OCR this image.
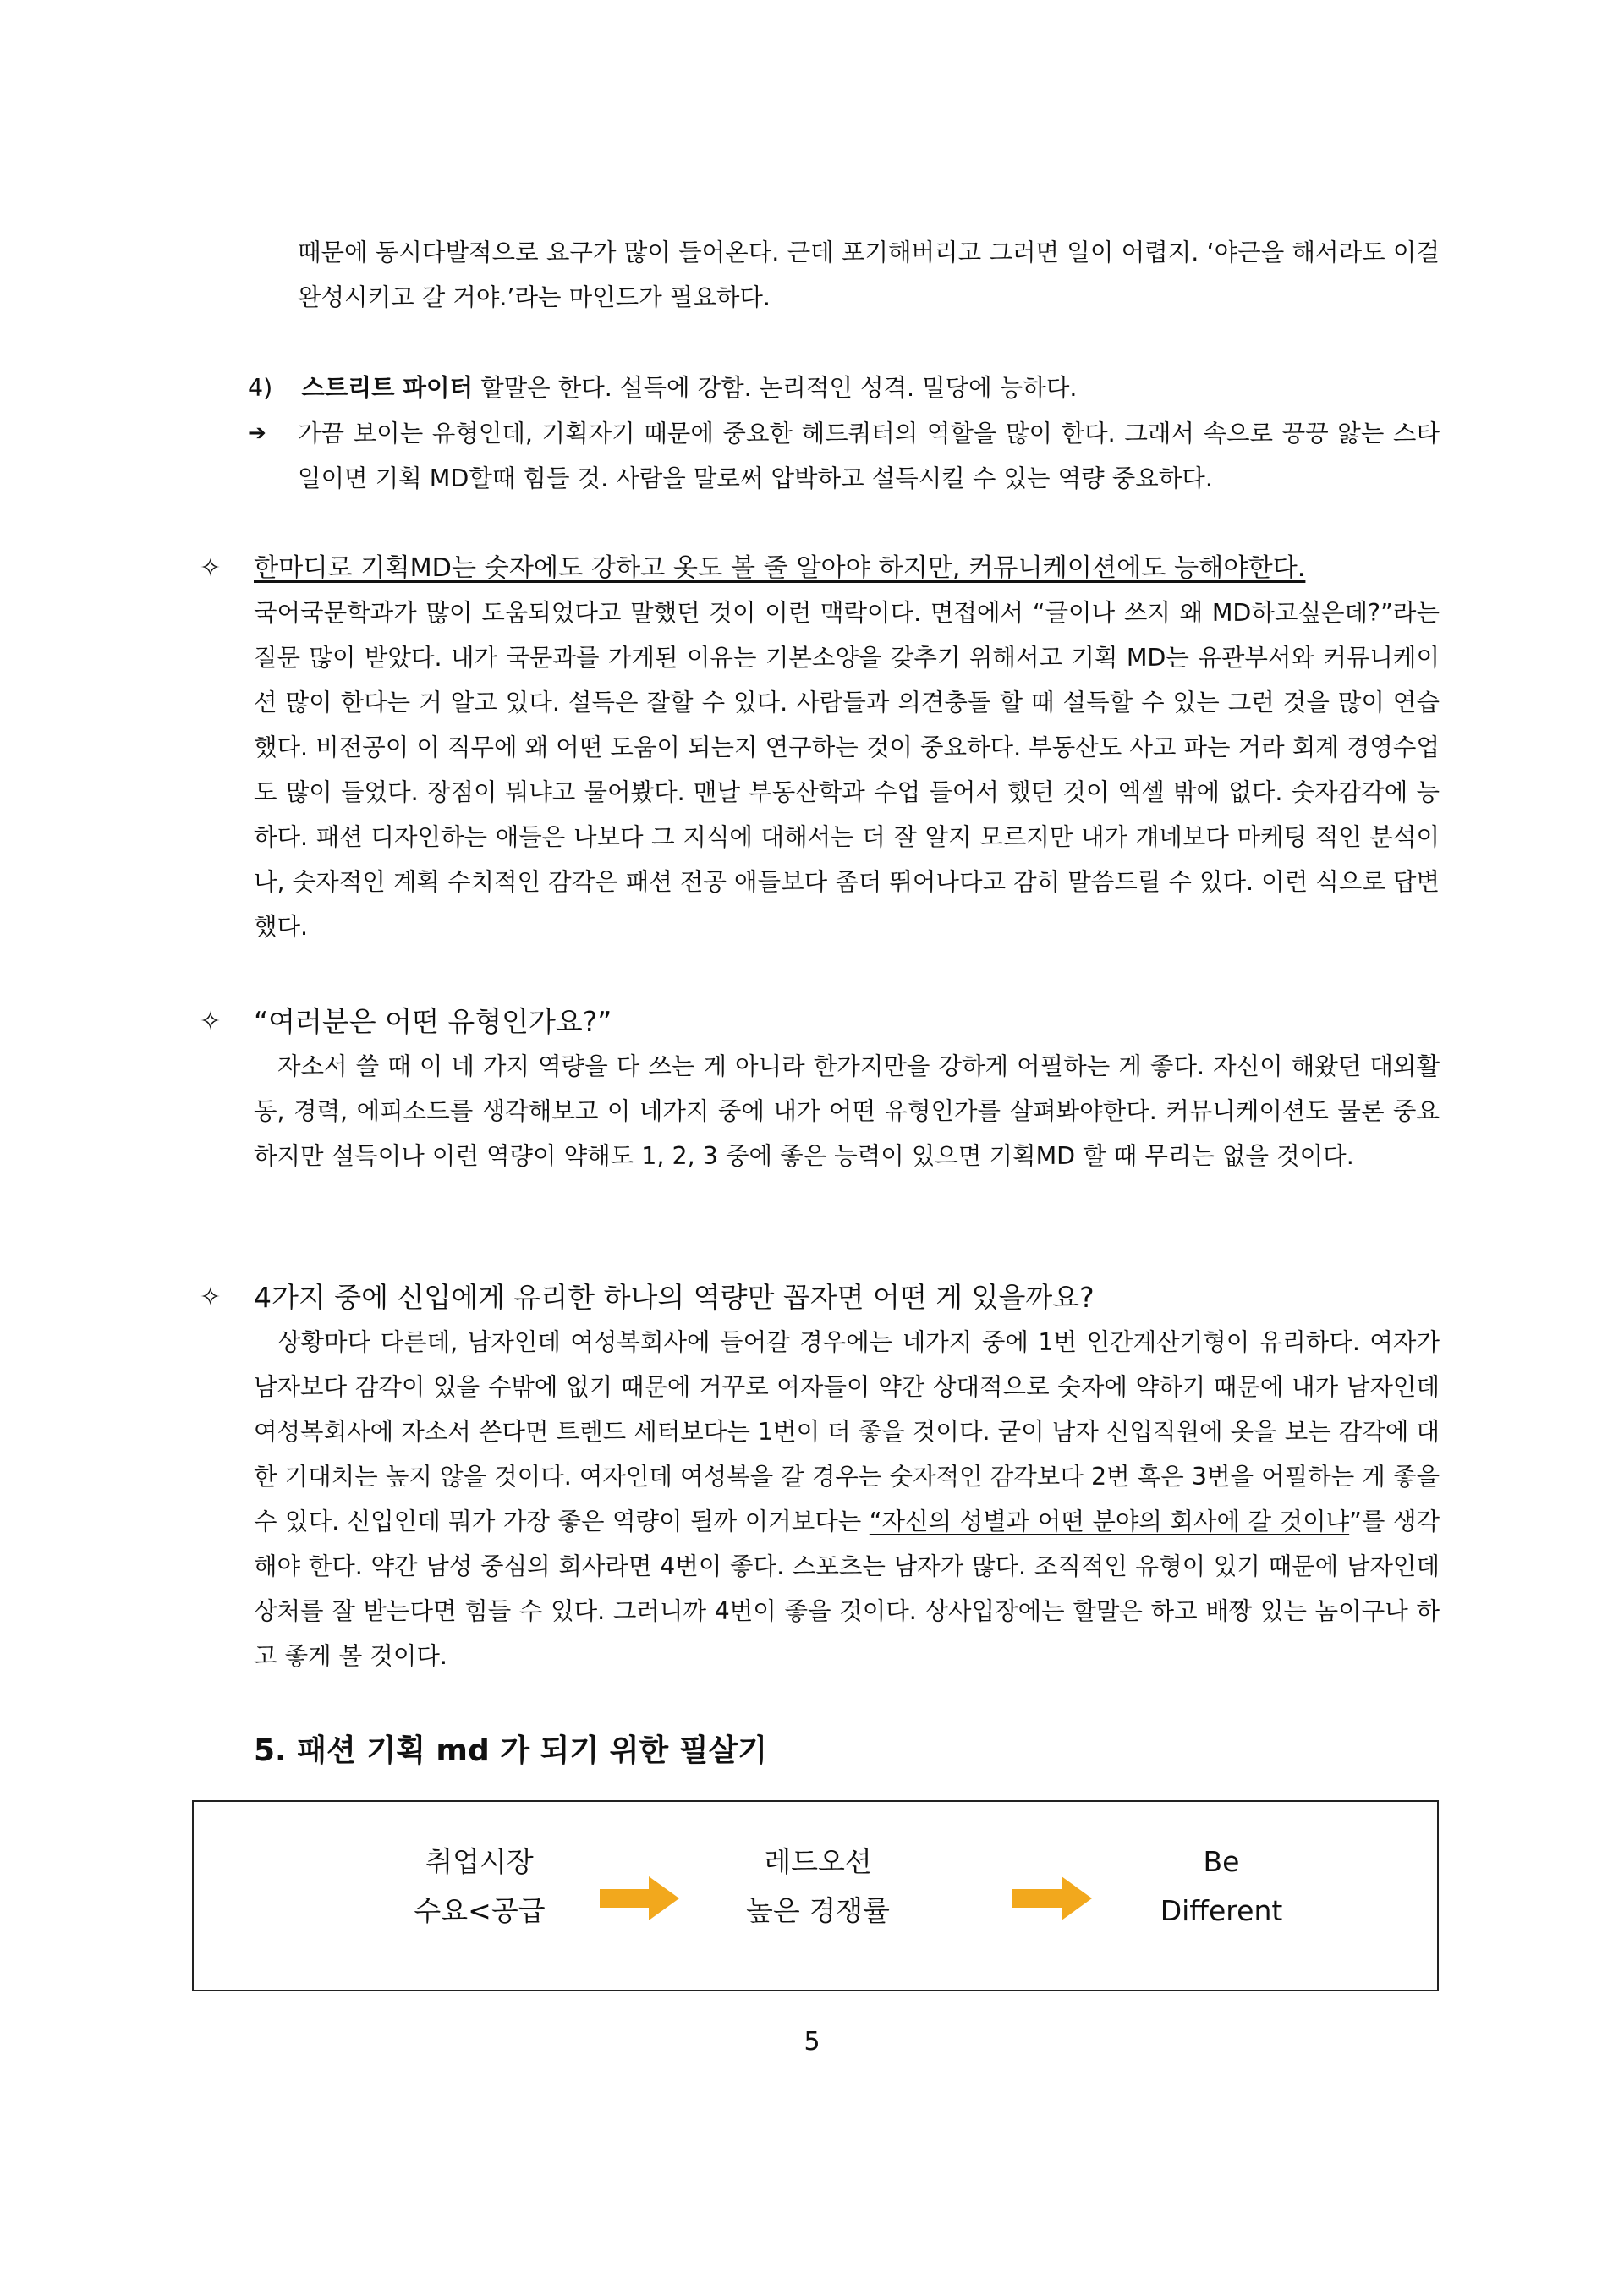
때문에 동시다발적으로 요구가 많이 들어온다. 근데 포기해버리고 그러면 일이 어렵지. ‘야근을 해서라도 이걸 완성시키고 갈 거야.’라는 마인드가 필요하다.

4) 스트리트 파이터 할말은 한다. 설득에 강함. 논리적인 성격. 밀당에 능하다.
➔ 가끔 보이는 유형인데, 기획자기 때문에 중요한 헤드쿼터의 역할을 많이 한다. 그래서 속으로 끙끙 앓는 스타일이면 기획 MD할때 힘들 것. 사람을 말로써 압박하고 설득시킬 수 있는 역량 중요하다.

✧ 한마디로 기획MD는 숫자에도 강하고 옷도 볼 줄 알아야 하지만, 커뮤니케이션에도 능해야한다.

국어국문학과가 많이 도움되었다고 말했던 것이 이런 맥락이다. 면접에서 “글이나 쓰지 왜 MD하고싶은데?”라는 질문 많이 받았다. 내가 국문과를 가게된 이유는 기본소양을 갖추기 위해서고 기획 MD는 유관부서와 커뮤니케이션 많이 한다는 거 알고 있다. 설득은 잘할 수 있다. 사람들과 의견충돌 할 때 설득할 수 있는 그런 것을 많이 연습했다. 비전공이 이 직무에 왜 어떤 도움이 되는지 연구하는 것이 중요하다. 부동산도 사고 파는 거라 회계 경영수업도 많이 들었다. 장점이 뭐냐고 물어봤다. 맨날 부동산학과 수업 들어서 했던 것이 엑셀 밖에 없다. 숫자감각에 능하다. 패션 디자인하는 애들은 나보다 그 지식에 대해서는 더 잘 알지 모르지만 내가 걔네보다 마케팅 적인 분석이나, 숫자적인 계획 수치적인 감각은 패션 전공 애들보다 좀더 뛰어나다고 감히 말씀드릴 수 있다. 이런 식으로 답변했다.

✧ “여러분은 어떤 유형인가요?”

자소서 쓸 때 이 네 가지 역량을 다 쓰는 게 아니라 한가지만을 강하게 어필하는 게 좋다. 자신이 해왔던 대외활동, 경력, 에피소드를 생각해보고 이 네가지 중에 내가 어떤 유형인가를 살펴봐야한다. 커뮤니케이션도 물론 중요하지만 설득이나 이런 역량이 약해도 1, 2, 3 중에 좋은 능력이 있으면 기획MD 할 때 무리는 없을 것이다.

✧ 4가지 중에 신입에게 유리한 하나의 역량만 꼽자면 어떤 게 있을까요?

상황마다 다른데, 남자인데 여성복회사에 들어갈 경우에는 네가지 중에 1번 인간계산기형이 유리하다. 여자가 남자보다 감각이 있을 수밖에 없기 때문에 거꾸로 여자들이 약간 상대적으로 숫자에 약하기 때문에 내가 남자인데 여성복회사에 자소서 쓴다면 트렌드 세터보다는 1번이 더 좋을 것이다. 굳이 남자 신입직원에 옷을 보는 감각에 대한 기대치는 높지 않을 것이다. 여자인데 여성복을 갈 경우는 숫자적인 감각보다 2번 혹은 3번을 어필하는 게 좋을 수 있다. 신입인데 뭐가 가장 좋은 역량이 될까 이거보다는 “자신의 성별과 어떤 분야의 회사에 갈 것이냐”를 생각해야 한다. 약간 남성 중심의 회사라면 4번이 좋다. 스포츠는 남자가 많다. 조직적인 유형이 있기 때문에 남자인데 상처를 잘 받는다면 힘들 수 있다. 그러니까 4번이 좋을 것이다. 상사입장에는 할말은 하고 배짱 있는 놈이구나 하고 좋게 볼 것이다.

5. 패션 기획 md 가 되기 위한 필살기

취업시장
수요<공급
레드오션
높은 경쟁률
Be
Different
5
